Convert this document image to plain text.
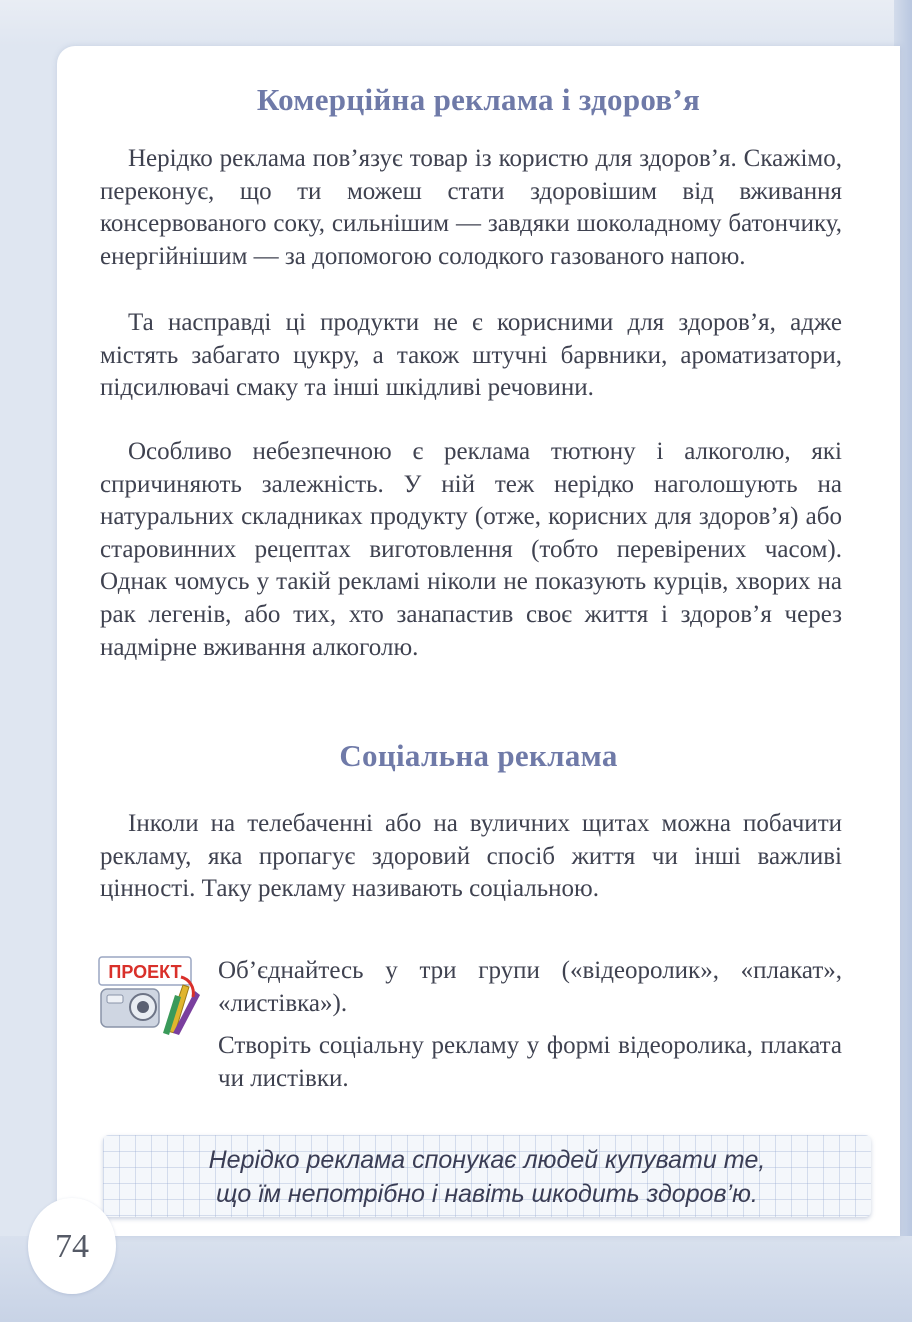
Комерційна реклама і здоров’я

Нерідко реклама пов’язує товар із користю для здоров’я. Скажімо, переконує, що ти можеш стати здоровішим від вживання консервованого соку, сильнішим — завдяки шоколадному батончику, енергійнішим — за допомогою солодкого газованого напою.

Та насправді ці продукти не є корисними для здоров’я, адже містять забагато цукру, а також штучні барвники, ароматизатори, підсилювачі смаку та інші шкідливі речовини.

Особливо небезпечною є реклама тютюну і алкоголю, які спричиняють залежність. У ній теж нерідко наголошують на натуральних складниках продукту (отже, корисних для здоров’я) або старовинних рецептах виготовлення (тобто перевірених часом). Однак чомусь у такій рекламі ніколи не показують курців, хворих на рак легенів, або тих, хто занапастив своє життя і здоров’я через надмірне вживання алкоголю.

Соціальна реклама

Інколи на телебаченні або на вуличних щитах можна побачити рекламу, яка пропагує здоровий спосіб життя чи інші важливі цінності. Таку рекламу називають соціальною.

ПРОЕКТ Об’єднайтесь у три групи («відеоролик», «плакат», «листівка»).

Створіть соціальну рекламу у формі відеоролика, плаката чи листівки.

Нерідко реклама спонукає людей купувати те,
що їм непотрібно і навіть шкодить здоров’ю.

74
